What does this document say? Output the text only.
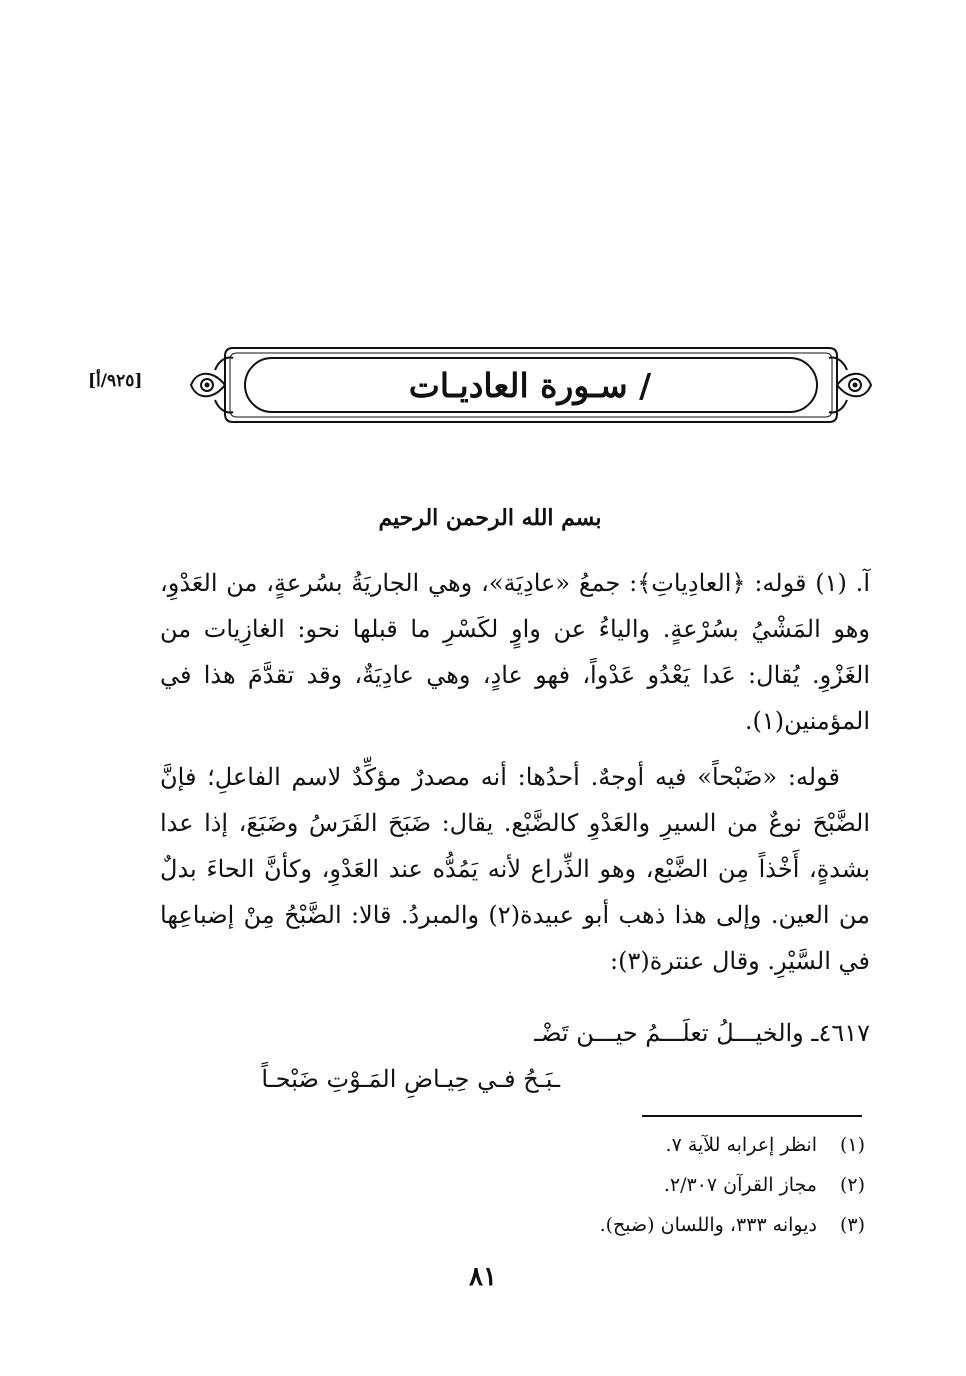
/ سـورة العاديـات
[٩٢٥/أ]
بسم الله الرحمن الرحيم

آ. (١) قوله: ﴿العادِياتِ﴾: جمعُ «عادِيَة»، وهي الجاريَةُ بسُرعةٍ، من العَدْوِ، وهو المَشْيُ بسُرْعةٍ. والياءُ عن واوٍ لكَسْرِ ما قبلها نحو: الغازِيات من الغَزْوِ. يُقال: عَدا يَعْدُو عَدْواً، فهو عادٍ، وهي عادِيَةٌ، وقد تقدَّمَ هذا في المؤمنين(١).

قوله: «ضَبْحاً» فيه أوجهٌ. أحدُها: أنه مصدرٌ مؤكِّدٌ لاسم الفاعلِ؛ فإنَّ الضَّبْحَ نوعٌ من السيرِ والعَدْوِ كالضَّبْع. يقال: ضَبَحَ الفَرَسُ وضَبَعَ، إذا عدا بشدةٍ، أَخْذاً مِن الضَّبْع، وهو الذِّراع لأنه يَمُدُّه عند العَدْوِ، وكأنَّ الحاءَ بدلٌ من العين. وإلى هذا ذهب أبو عبيدة(٢) والمبردُ. قالا: الضَّبْحُ مِنْ إضباعِها في السَّيْرِ. وقال عنترة(٣):

٤٦١٧ـ والخيـــلُ تعلَـــمُ حيـــن تَضْـ
ـبَـحُ فـي حِيـاضِ المَـوْتِ ضَبْحـاً
(١)
انظر إعرابه للآية ٧.
(٢)
مجاز القرآن ٢/٣٠٧.
(٣)
ديوانه ٣٣٣، واللسان (ضبح).
٨١
